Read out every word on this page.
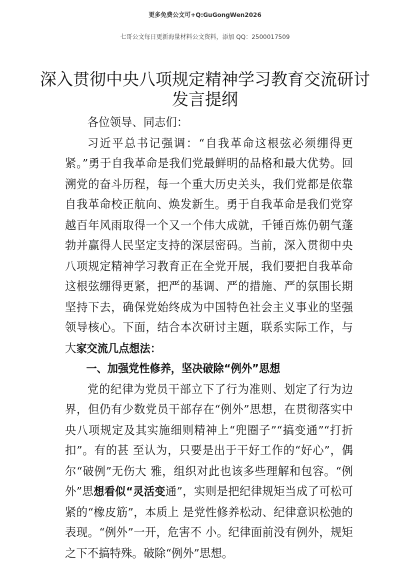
更多免费公文可+Q:GuGongWen2026
七哥公文每日更新海量材料公文资料，添加 QQ：2500017509
深入贯彻中央八项规定精神学习教育交流研讨发言提纲

各位领导、同志们：

习近平总书记强调：“自我革命这根弦必须绷得更紧。”勇于自我革命是我们党最鲜明的品格和最大优势。回溯党的奋斗历程，每一个重大历史关头，我们党都是依靠自我革命校正航向、焕发新生。勇于自我革命是我们党穿越百年风雨取得一个又一个伟大成就，千锤百炼仍朝气蓬勃并赢得人民坚定支持的深层密码。当前，深入贯彻中央八项规定精神学习教育正在全党开展，我们要把自我革命这根弦绷得更紧，把严的基调、严的措施、严的氛围长期坚持下去，确保党始终成为中国特色社会主义事业的坚强领导核心。下面，结合本次研讨主题，联系实际工作，与大家交流几点想法：

一、加强党性修养，坚决破除“例外”思想

党的纪律为党员干部立下了行为准则、划定了行为边界，但仍有少数党员干部存在“例外”思想，在贯彻落实中央八项规定及其实施细则精神上“兜圈子”“搞变通”“打折扣”。有的甚 至认为，只要是出于干好工作的“好心”，偶尔“破例”无伤大 雅，组织对此也该多些理解和包容。“例外”思想看似“灵活变通”，实则是把纪律规矩当成了可松可紧的“橡皮筋”，本质上 是党性修养松动、纪律意识松弛的表现。“例外”一开，危害不 小。纪律面前没有例外，规矩之下不搞特殊。破除“例外”思想。
